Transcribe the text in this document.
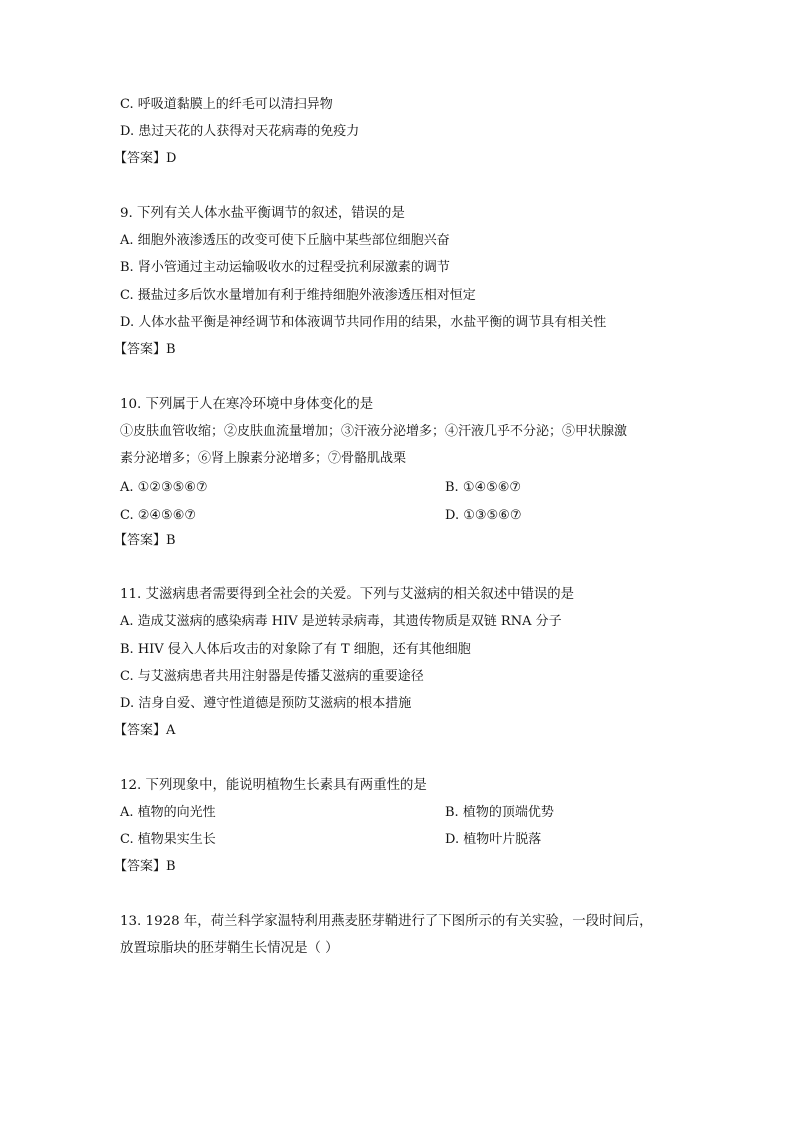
C. 呼吸道黏膜上的纤毛可以清扫异物
D. 患过天花的人获得对天花病毒的免疫力
【答案】D
9. 下列有关人体水盐平衡调节的叙述，错误的是
A. 细胞外液渗透压的改变可使下丘脑中某些部位细胞兴奋
B. 肾小管通过主动运输吸收水的过程受抗利尿激素的调节
C. 摄盐过多后饮水量增加有利于维持细胞外液渗透压相对恒定
D. 人体水盐平衡是神经调节和体液调节共同作用的结果，水盐平衡的调节具有相关性
【答案】B
10. 下列属于人在寒冷环境中身体变化的是
①皮肤血管收缩；②皮肤血流量增加；③汗液分泌增多；④汗液几乎不分泌；⑤甲状腺激
素分泌增多；⑥肾上腺素分泌增多；⑦骨骼肌战栗
A. ①②③⑤⑥⑦	B. ①④⑤⑥⑦
C. ②④⑤⑥⑦	D. ①③⑤⑥⑦
【答案】B
11. 艾滋病患者需要得到全社会的关爱。下列与艾滋病的相关叙述中错误的是
A. 造成艾滋病的感染病毒 HIV 是逆转录病毒，其遗传物质是双链 RNA 分子
B. HIV 侵入人体后攻击的对象除了有 T 细胞，还有其他细胞
C. 与艾滋病患者共用注射器是传播艾滋病的重要途径
D. 洁身自爱、遵守性道德是预防艾滋病的根本措施
【答案】A
12. 下列现象中，能说明植物生长素具有两重性的是
A. 植物的向光性	B. 植物的顶端优势
C. 植物果实生长	D. 植物叶片脱落
【答案】B
13. 1928 年，荷兰科学家温特利用燕麦胚芽鞘进行了下图所示的有关实验，一段时间后，
放置琼脂块的胚芽鞘生长情况是（ ）
